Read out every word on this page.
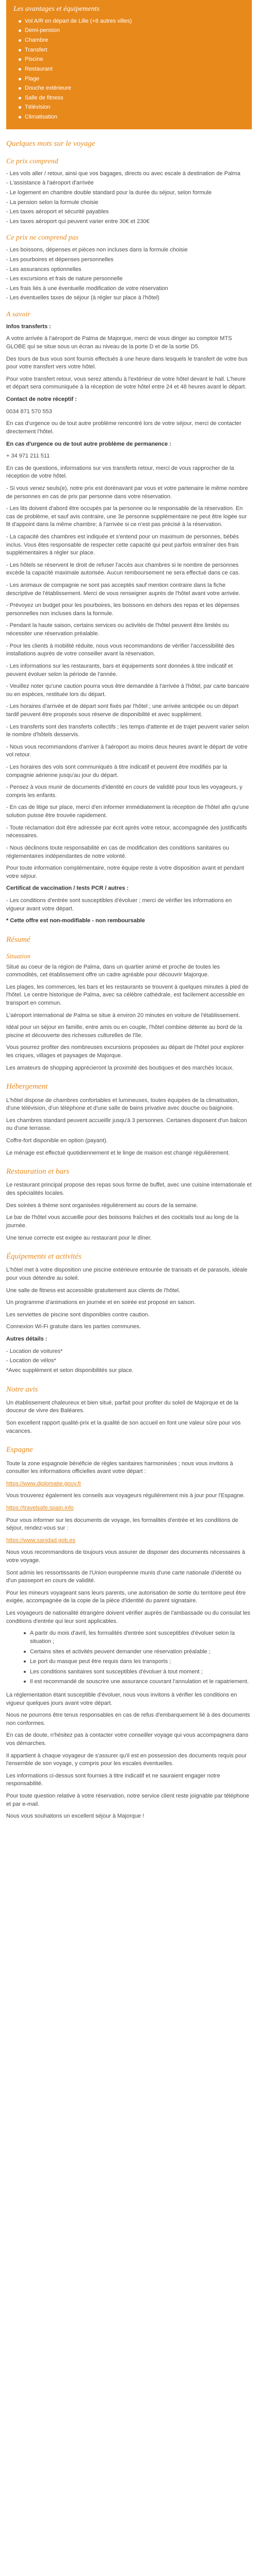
Les avantages et équipements
Vol A/R en départ de Lille (+8 autres villes)
Demi-pension
Chambre
Transfert
Piscine
Restaurant
Plage
Douche extérieure
Salle de fitness
Télévision
Climatisation
Quelques mots sur le voyage
Ce prix comprend
- Les vols aller / retour, ainsi que vos bagages, directs ou avec escale à destination de Palma
- L'assistance à l'aéroport d'arrivée
- Le logement en chambre double standard pour la durée du séjour, selon formule
- La pension selon la formule choisie
- Les taxes aéroport et sécurité payables
- Les taxes aéroport qui peuvent varier entre 30€ et 230€
Ce prix ne comprend pas
- Les boissons, dépenses et pièces non incluses dans la formule choisie
- Les pourboires et dépenses personnelles
- Les assurances optionnelles
- Les excursions et frais de nature personnelle
- Les frais liés à une éventuelle modification de votre réservation
- Les éventuelles taxes de séjour (à régler sur place à l'hôtel)
A savoir

Infos transferts :

A votre arrivée à l'aéroport de Palma de Majorque, merci de vous diriger au comptoir MTS GLOBE qui se situe sous un écran au niveau de la porte D et de la sortie D5.

Des tours de bus vous sont fournis effectués à une heure dans lesquels le transfert de votre bus pour votre transfert vers votre hôtel.

Pour votre transfert retour, vous serez attendu à l'extérieur de votre hôtel devant le hall. L'heure et départ sera communiquée à la réception de votre hôtel entre 24 et 48 heures avant le départ.

Contact de notre réceptif :

0034 871 570 553

En cas d'urgence ou de tout autre problème rencontré lors de votre séjour, merci de contacter directement l'hôtel.

En cas d'urgence ou de tout autre problème de permanence :

+ 34 971 211 511

En cas de questions, informations sur vos transferts retour, merci de vous rapprocher de la réception de votre hôtel.

- Si vous venez seuls(e), notre prix est dorénavant par vous et votre partenaire le même nombre de personnes en cas de prix par personne dans votre réservation.

- Les lits doivent d'abord être occupés par la personne ou le responsable de la réservation. En cas de problème, et sauf avis contraire, une 3e personne supplémentaire ne peut être logée sur lit d'appoint dans la même chambre; à l'arrivée si ce n'est pas précisé à la réservation.

- La capacité des chambres est indiquée et s'entend pour un maximum de personnes, bébés inclus. Vous êtes responsable de respecter cette capacité qui peut parfois entraîner des frais supplémentaires à régler sur place.

- Les hôtels se réservent le droit de refuser l'accès aux chambres si le nombre de personnes excède la capacité maximale autorisée. Aucun remboursement ne sera effectué dans ce cas.

- Les animaux de compagnie ne sont pas acceptés sauf mention contraire dans la fiche descriptive de l'établissement. Merci de vous renseigner auprès de l'hôtel avant votre arrivée.

- Prévoyez un budget pour les pourboires, les boissons en dehors des repas et les dépenses personnelles non incluses dans la formule.

- Pendant la haute saison, certains services ou activités de l'hôtel peuvent être limités ou nécessiter une réservation préalable.

- Pour les clients à mobilité réduite, nous vous recommandons de vérifier l'accessibilité des installations auprès de votre conseiller avant la réservation.

- Les informations sur les restaurants, bars et équipements sont données à titre indicatif et peuvent évoluer selon la période de l'année.

- Veuillez noter qu'une caution pourra vous être demandée à l'arrivée à l'hôtel, par carte bancaire ou en espèces, restituée lors du départ.

- Les horaires d'arrivée et de départ sont fixés par l'hôtel ; une arrivée anticipée ou un départ tardif peuvent être proposés sous réserve de disponibilité et avec supplément.

- Les transferts sont des transferts collectifs ; les temps d'attente et de trajet peuvent varier selon le nombre d'hôtels desservis.

- Nous vous recommandons d'arriver à l'aéroport au moins deux heures avant le départ de votre vol retour.

- Les horaires des vols sont communiqués à titre indicatif et peuvent être modifiés par la compagnie aérienne jusqu'au jour du départ.

- Pensez à vous munir de documents d'identité en cours de validité pour tous les voyageurs, y compris les enfants.

- En cas de litige sur place, merci d'en informer immédiatement la réception de l'hôtel afin qu'une solution puisse être trouvée rapidement.

- Toute réclamation doit être adressée par écrit après votre retour, accompagnée des justificatifs nécessaires.

- Nous déclinons toute responsabilité en cas de modification des conditions sanitaires ou réglementaires indépendantes de notre volonté.

Pour toute information complémentaire, notre équipe reste à votre disposition avant et pendant votre séjour.

Certificat de vaccination / tests PCR / autres :

- Les conditions d'entrée sont susceptibles d'évoluer ; merci de vérifier les informations en vigueur avant votre départ.

* Cette offre est non-modifiable - non remboursable

Résumé
Situation

Situé au coeur de la région de Palma, dans un quartier animé et proche de toutes les commodités, cet établissement offre un cadre agréable pour découvrir Majorque.

Les plages, les commerces, les bars et les restaurants se trouvent à quelques minutes à pied de l'hôtel. Le centre historique de Palma, avec sa célèbre cathédrale, est facilement accessible en transport en commun.

L'aéroport international de Palma se situe à environ 20 minutes en voiture de l'établissement.

Idéal pour un séjour en famille, entre amis ou en couple, l'hôtel combine détente au bord de la piscine et découverte des richesses culturelles de l'île.

Vous pourrez profiter des nombreuses excursions proposées au départ de l'hôtel pour explorer les criques, villages et paysages de Majorque.

Les amateurs de shopping apprécieront la proximité des boutiques et des marchés locaux.

Hébergement

L'hôtel dispose de chambres confortables et lumineuses, toutes équipées de la climatisation, d'une télévision, d'un téléphone et d'une salle de bains privative avec douche ou baignoire.

Les chambres standard peuvent accueillir jusqu'à 3 personnes. Certaines disposent d'un balcon ou d'une terrasse.

Coffre-fort disponible en option (payant).

Le ménage est effectué quotidiennement et le linge de maison est changé régulièrement.

Restauration et bars

Le restaurant principal propose des repas sous forme de buffet, avec une cuisine internationale et des spécialités locales.

Des soirées à thème sont organisées régulièrement au cours de la semaine.

Le bar de l'hôtel vous accueille pour des boissons fraîches et des cocktails tout au long de la journée.

Une tenue correcte est exigée au restaurant pour le dîner.

Équipements et activités

L'hôtel met à votre disposition une piscine extérieure entourée de transats et de parasols, idéale pour vous détendre au soleil.

Une salle de fitness est accessible gratuitement aux clients de l'hôtel.

Un programme d'animations en journée et en soirée est proposé en saison.

Les serviettes de piscine sont disponibles contre caution.

Connexion Wi-Fi gratuite dans les parties communes.

Autres détails :

- Location de voitures*
- Location de vélos*

*Avec supplément et selon disponibilités sur place.

Notre avis

Un établissement chaleureux et bien situé, parfait pour profiter du soleil de Majorque et de la douceur de vivre des Baléares.

Son excellent rapport qualité-prix et la qualité de son accueil en font une valeur sûre pour vos vacances.

Espagne

Toute la zone espagnole bénéficie de règles sanitaires harmonisées ; nous vous invitons à consulter les informations officielles avant votre départ :

https://www.diplomatie.gouv.fr

Vous trouverez également les conseils aux voyageurs régulièrement mis à jour pour l'Espagne.

https://travelsafe.spain.info

Pour vous informer sur les documents de voyage, les formalités d'entrée et les conditions de séjour, rendez-vous sur :

https://www.sanidad.gob.es

Nous vous recommandons de toujours vous assurer de disposer des documents nécessaires à votre voyage.

Sont admis les ressortissants de l'Union européenne munis d'une carte nationale d'identité ou d'un passeport en cours de validité.

Pour les mineurs voyageant sans leurs parents, une autorisation de sortie du territoire peut être exigée, accompagnée de la copie de la pièce d'identité du parent signataire.

Les voyageurs de nationalité étrangère doivent vérifier auprès de l'ambassade ou du consulat les conditions d'entrée qui leur sont applicables.

A partir du mois d'avril, les formalités d'entrée sont susceptibles d'évoluer selon la situation ;
Certains sites et activités peuvent demander une réservation préalable ;
Le port du masque peut être requis dans les transports ;
Les conditions sanitaires sont susceptibles d'évoluer à tout moment ;
Il est recommandé de souscrire une assurance couvrant l'annulation et le rapatriement.

La réglementation étant susceptible d'évoluer, nous vous invitons à vérifier les conditions en vigueur quelques jours avant votre départ.

Nous ne pourrons être tenus responsables en cas de refus d'embarquement lié à des documents non conformes.

En cas de doute, n'hésitez pas à contacter votre conseiller voyage qui vous accompagnera dans vos démarches.

Il appartient à chaque voyageur de s'assurer qu'il est en possession des documents requis pour l'ensemble de son voyage, y compris pour les escales éventuelles.

Les informations ci-dessus sont fournies à titre indicatif et ne sauraient engager notre responsabilité.

Pour toute question relative à votre réservation, notre service client reste joignable par téléphone et par e-mail.

Nous vous souhaitons un excellent séjour à Majorque !
